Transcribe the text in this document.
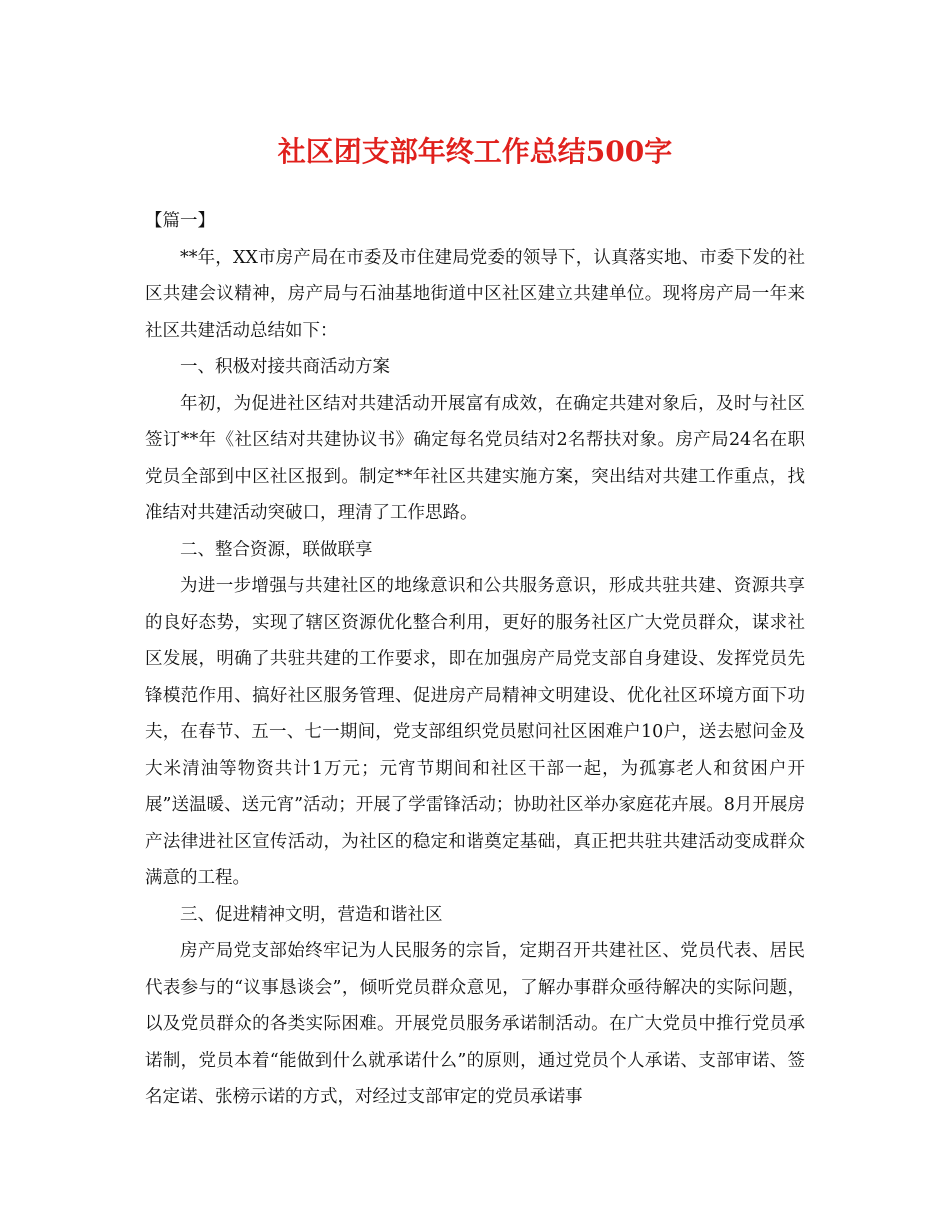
社区团支部年终工作总结500字

【篇一】

**年，XX市房产局在市委及市住建局党委的领导下，认真落实地、市委下发的社区共建会议精神，房产局与石油基地街道中区社区建立共建单位。现将房产局一年来社区共建活动总结如下：

一、积极对接共商活动方案

年初，为促进社区结对共建活动开展富有成效，在确定共建对象后，及时与社区签订**年《社区结对共建协议书》确定每名党员结对2名帮扶对象。房产局24名在职党员全部到中区社区报到。制定**年社区共建实施方案，突出结对共建工作重点，找准结对共建活动突破口，理清了工作思路。

二、整合资源，联做联享

为进一步增强与共建社区的地缘意识和公共服务意识，形成共驻共建、资源共享的良好态势，实现了辖区资源优化整合利用，更好的服务社区广大党员群众，谋求社区发展，明确了共驻共建的工作要求，即在加强房产局党支部自身建设、发挥党员先锋模范作用、搞好社区服务管理、促进房产局精神文明建设、优化社区环境方面下功夫，在春节、五一、七一期间，党支部组织党员慰问社区困难户10户，送去慰问金及大米清油等物资共计1万元；元宵节期间和社区干部一起，为孤寡老人和贫困户开展”送温暖、送元宵”活动；开展了学雷锋活动；协助社区举办家庭花卉展。8月开展房产法律进社区宣传活动，为社区的稳定和谐奠定基础，真正把共驻共建活动变成群众满意的工程。

三、促进精神文明，营造和谐社区

房产局党支部始终牢记为人民服务的宗旨，定期召开共建社区、党员代表、居民代表参与的“议事恳谈会”，倾听党员群众意见，了解办事群众亟待解决的实际问题，以及党员群众的各类实际困难。开展党员服务承诺制活动。在广大党员中推行党员承诺制，党员本着“能做到什么就承诺什么”的原则，通过党员个人承诺、支部审诺、签名定诺、张榜示诺的方式，对经过支部审定的党员承诺事
